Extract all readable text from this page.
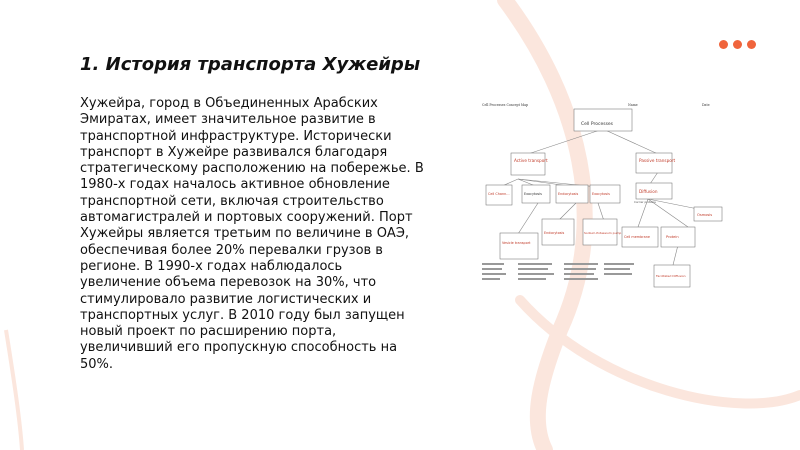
1. История транспорта Хужейры
Хужейра, город в Объединенных Арабских Эмиратах, имеет значительное развитие в транспортной инфраструктуре. Исторически транспорт в Хужейре развивался благодаря стратегическому расположению на побережье. В 1980-х годах началось активное обновление транспортной сети, включая строительство автомагистралей и портовых сооружений. Порт Хужейры является третьим по величине в ОАЭ, обеспечивая более 20% перевалки грузов в регионе. В 1990-х годах наблюдалось увеличение объема перевозок на 30%, что стимулировало развитие логистических и транспортных услуг. В 2010 году был запущен новый проект по расширению порта, увеличивший его пропускную способность на 50%.
Cell Processes Concept Map	Name	Date
Cell Processes
Active transport	Passive transport
Cell Chann...	Exocytosis	Endocytosis	Exocytosis	Diffusion
Osmosis
Vesicle transport
Endocytosis	Sodium-Potassium pump
Carrier proteins
Cell membrane	Protein
Facilitated Diffusion
